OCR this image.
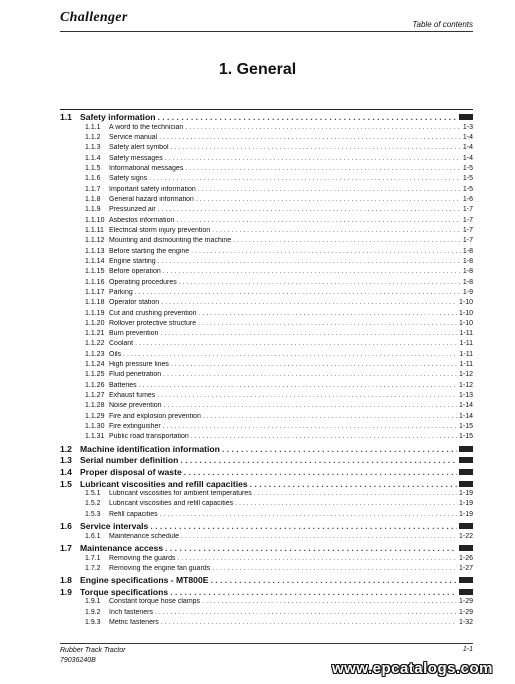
Challenger	Table of contents
1. General
1.1 Safety information
. . .
1.1.1	A word to the technician . . .	1-3
1.1.2	Service manual . . .	1-4
1.1.3	Safety alert symbol . . .	1-4
1.1.4	Safety messages . . .	1-4
1.1.5	Informational messages . . .	1-5
1.1.6	Safety signs . . .	1-5
1.1.7	Important safety information . . .	1-5
1.1.8	General hazard information . . .	1-6
1.1.9	Pressurized air . . .	1-7
1.1.10 Asbestos information . . .	1-7
1.1.11 Electrical storm injury prevention . . .	1-7
1.1.12 Mounting and dismounting the machine . . .	1-7
1.1.13 Before starting the engine . . .	1-8
1.1.14 Engine starting . . .	1-8
1.1.15 Before operation . . .	1-8
1.1.16 Operating procedures . . .	1-8
1.1.17 Parking . . .	1-9
1.1.18 Operator station . . .	1-10
1.1.19 Cut and crushing prevention . . .	1-10
1.1.20 Rollover protective structure . . .	1-10
1.1.21 Burn prevention . . .	1-11
1.1.22 Coolant . . .	1-11
1.1.23 Oils . . .	1-11
1.1.24 High pressure lines . . .	1-11
1.1.25 Fluid penetration . . .	1-12
1.1.26 Batteries . . .	1-12
1.1.27 Exhaust fumes . . .	1-13
1.1.28 Noise prevention . . .	1-14
1.1.29 Fire and explosion prevention . . .	1-14
1.1.30 Fire extinguisher . . .	1-15
1.1.31 Public road transportation . . .	1-15
1.2 Machine identification information
. . .
1.3 Serial number definition
. . .
1.4 Proper disposal of waste
. . .
1.5 Lubricant viscosities and refill capacities
. . .
1.5.1	Lubricant viscosities for ambient temperatures . . .	1-19
1.5.2	Lubricant viscosities and refill capacities . . .	1-19
1.5.3	Refill capacities . . .	1-19
1.6 Service intervals
. . .
1.6.1	Maintenance schedule . . .	1-22
1.7 Maintenance access
. . .
1.7.1	Removing the guards . . .	1-26
1.7.2	Removing the engine fan guards . . .	1-27
1.8 Engine specifications - MT800E
. . .
1.9 Torque specifications
. . .
1.9.1	Constant torque hose clamps . . .	1-29
1.9.2	Inch fasteners . . .	1-29
1.9.3	Metric fasteners . . .	1-32
Rubber Track Tractor
79036240B
1-1
www.epcatalogs.com
